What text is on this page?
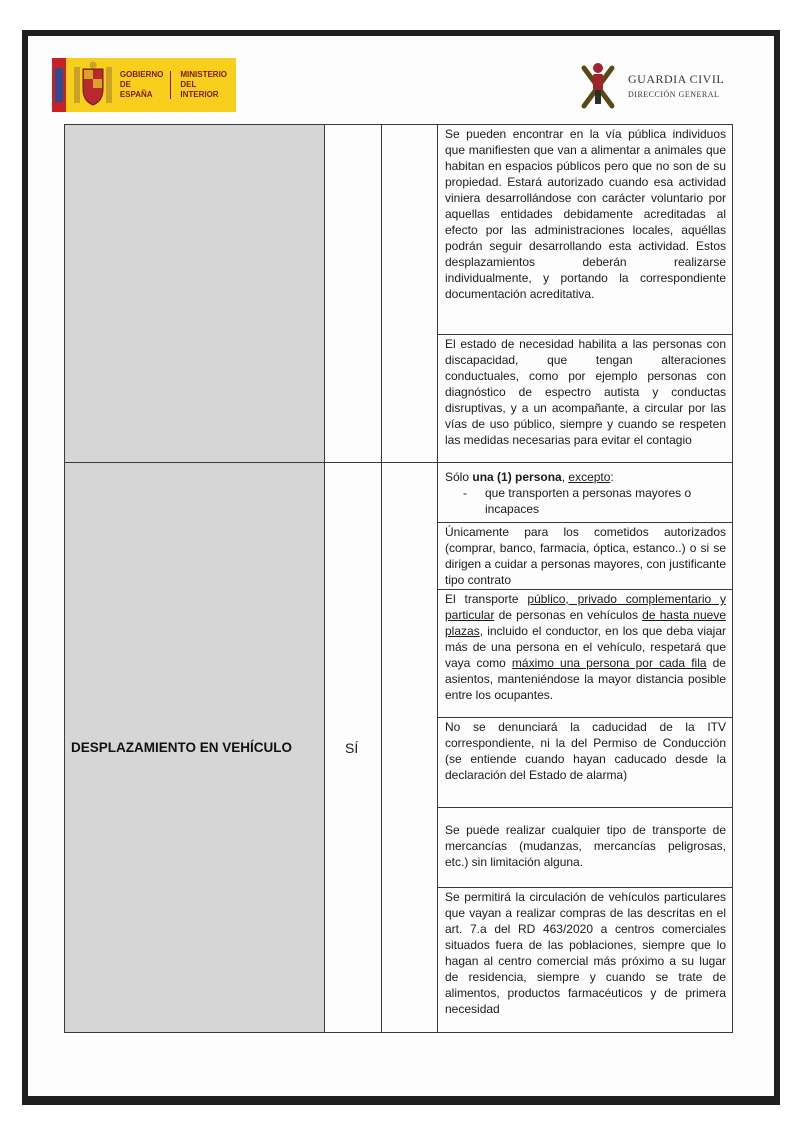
GOBIERNO
DE ESPAÑA
MINISTERIO
DEL INTERIOR
GUARDIA CIVIL
DIRECCIÓN GENERAL
			Se pueden encontrar en la vía pública individuos que manifiesten que van a alimentar a animales que habitan en espacios públicos pero que no son de su propiedad. Estará autorizado cuando esa actividad viniera desarrollándose con carácter voluntario por aquellas entidades debidamente acreditadas al efecto por las administraciones locales, aquéllas podrán seguir desarrollando esta actividad. Estos desplazamientos deberán realizarse individualmente, y portando la correspondiente documentación acreditativa.
			El estado de necesidad habilita a las personas con discapacidad, que tengan alteraciones conductuales, como por ejemplo personas con diagnóstico de espectro autista y conductas disruptivas, y a un acompañante, a circular por las vías de uso público, siempre y cuando se respeten las medidas necesarias para evitar el contagio

DESPLAZAMIENTO EN VEHÍCULO	SÍ		Sólo una (1) persona, excepto:
- que transporten a personas mayores o incapaces

			Únicamente para los cometidos autorizados (comprar, banco, farmacia, óptica, estanco..) o si se dirigen a cuidar a personas mayores, con justificante tipo contrato
			El transporte público, privado complementario y particular de personas en vehículos de hasta nueve plazas, incluido el conductor, en los que deba viajar más de una persona en el vehículo, respetará que vaya como máximo una persona por cada fila de asientos, manteniéndose la mayor distancia posible entre los ocupantes.
			No se denunciará la caducidad de la ITV correspondiente, ni la del Permiso de Conducción (se entiende cuando hayan caducado desde la declaración del Estado de alarma)
			Se puede realizar cualquier tipo de transporte de mercancías (mudanzas, mercancías peligrosas, etc.) sin limitación alguna.
			Se permitirá la circulación de vehículos particulares que vayan a realizar compras de las descritas en el art. 7.a del RD 463/2020 a centros comerciales situados fuera de las poblaciones, siempre que lo hagan al centro comercial más próximo a su lugar de residencia, siempre y cuando se trate de alimentos, productos farmacéuticos y de primera necesidad
